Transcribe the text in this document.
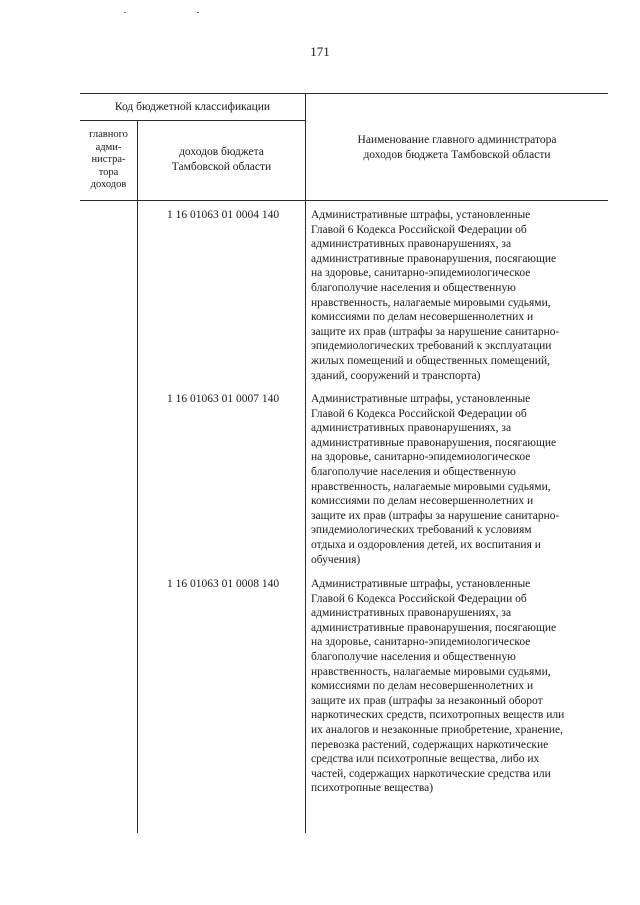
171
Код бюджетной классификации
главного
адми-
нистра-
тора
доходов
доходов бюджета
Тамбовской области
Наименование главного администратора
доходов бюджета Тамбовской области
1 16 01063 01 0004 140	Административные штрафы, установленные
Главой 6 Кодекса Российской Федерации об
административных правонарушениях, за
административные правонарушения, посягающие
на здоровье, санитарно-эпидемиологическое
благополучие населения и общественную
нравственность, налагаемые мировыми судьями,
комиссиями по делам несовершеннолетних и
защите их прав (штрафы за нарушение санитарно-
эпидемиологических требований к эксплуатации
жилых помещений и общественных помещений,
зданий, сооружений и транспорта)
1 16 01063 01 0007 140	Административные штрафы, установленные
Главой 6 Кодекса Российской Федерации об
административных правонарушениях, за
административные правонарушения, посягающие
на здоровье, санитарно-эпидемиологическое
благополучие населения и общественную
нравственность, налагаемые мировыми судьями,
комиссиями по делам несовершеннолетних и
защите их прав (штрафы за нарушение санитарно-
эпидемиологических требований к условиям
отдыха и оздоровления детей, их воспитания и
обучения)
1 16 01063 01 0008 140	Административные штрафы, установленные
Главой 6 Кодекса Российской Федерации об
административных правонарушениях, за
административные правонарушения, посягающие
на здоровье, санитарно-эпидемиологическое
благополучие населения и общественную
нравственность, налагаемые мировыми судьями,
комиссиями по делам несовершеннолетних и
защите их прав (штрафы за незаконный оборот
наркотических средств, психотропных веществ или
их аналогов и незаконные приобретение, хранение,
перевозка растений, содержащих наркотические
средства или психотропные вещества, либо их
частей, содержащих наркотические средства или
психотропные вещества)
